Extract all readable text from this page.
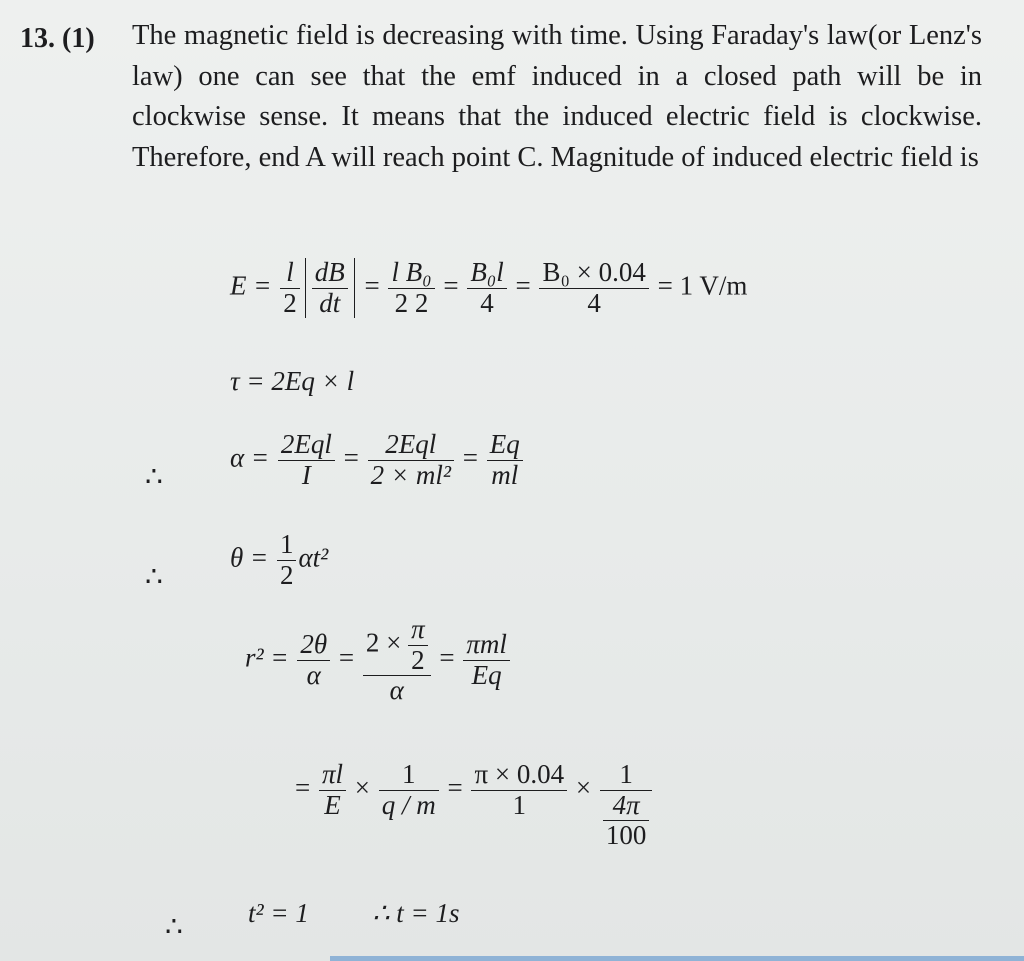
13. (1) The magnetic field is decreasing with time. Using Faraday's law(or Lenz's law) one can see that the emf induced in a closed path will be in clockwise sense. It means that the induced electric field is clockwise. Therefore, end A will reach point C. Magnitude of induced electric field is

$E = \frac{l}{2} \frac{dB}{dt} = \frac{\text{l B₀}}{2 2} = \frac{\text{B₀l}}{4} = \frac{\text{B₀ × 0.04}}{4} = 1$ V/m
τ = 2Eq × l
∴
$\alpha = \frac{\text{2Eql}}{I} = \frac{\text{2Eql}}{\text{2 × ml²}} = \frac{Eq}{ml}$
∴
$\theta = \frac{1}{2} \alpha t^2$
$r^2 = \frac{2\theta}{\alpha} = \frac{2 \times \frac{\pi}{2}}{\alpha} = \frac{\text{πml}}{Eq}$
= $\frac{\pi l}{E} \times \frac{1}{q / m} = \frac{\pi \times 0.04}{1} \times \frac{1}{\frac{4\pi}{100}}$
∴ t² = 1 ∴ t = 1s
